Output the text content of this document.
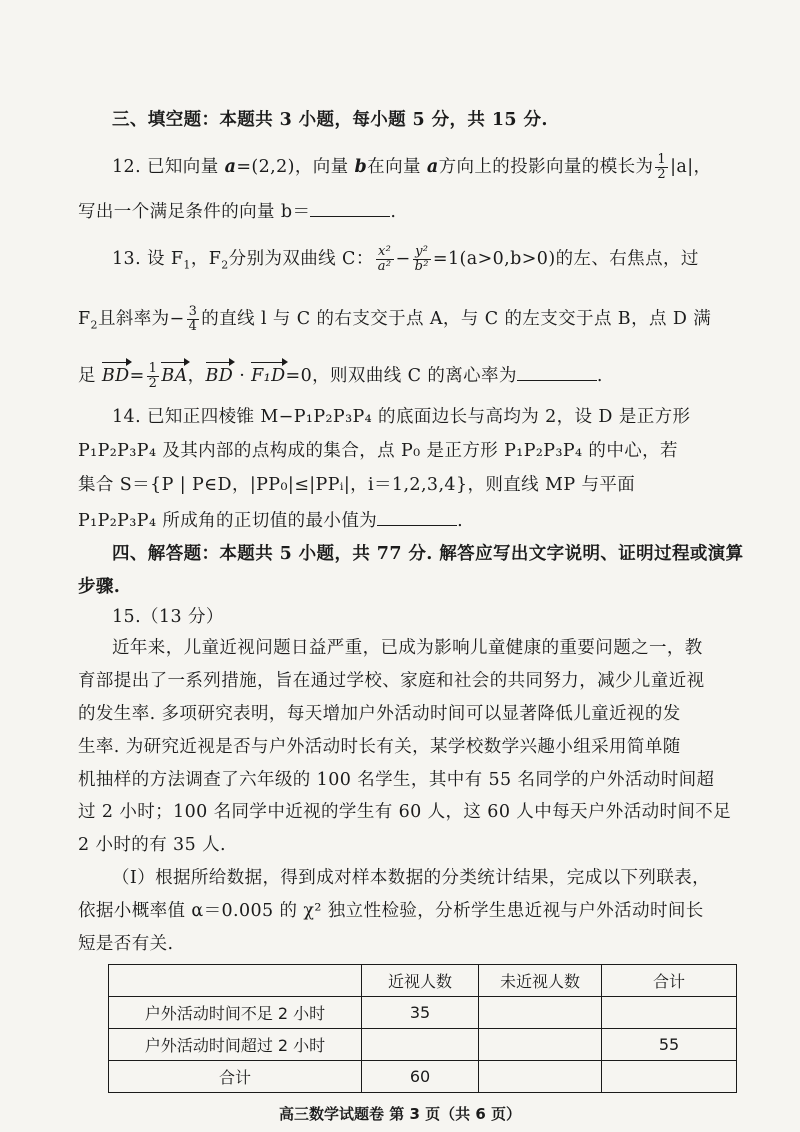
三、填空题：本题共 3 小题，每小题 5 分，共 15 分.
12. 已知向量 a=(2,2)，向量 b在向量 a方向上的投影向量的模长为 $\frac{1}{2} |a|$，
写出一个满足条件的向量 b＝	.
13. 设 $F_1$，$F_2$分别为双曲线 C： $\frac{\text{x²}}{\text{a²}} - \frac{\text{y²}}{\text{b²}} =1(a>0,b>0)$的左、右焦点，过
$F_2$且斜率为− $\frac{3}{4}$ 的直线 l 与 C 的右支交于点 A，与 C 的左支交于点 B，点 D 满
足 $BD= \frac{1}{2}$ BA，BD · F₁D=0，则双曲线 C 的离心率为	.
14. 已知正四棱锥 M−P₁P₂P₃P₄ 的底面边长与高均为 2，设 D 是正方形
P₁P₂P₃P₄ 及其内部的点构成的集合，点 P₀ 是正方形 P₁P₂P₃P₄ 的中心，若
集合 S＝{P | P∈D，|PP₀|≤|PPᵢ|，i＝1,2,3,4}，则直线 MP 与平面
P₁P₂P₃P₄ 所成角的正切值的最小值为	.
四、解答题：本题共 5 小题，共 77 分. 解答应写出文字说明、证明过程或演算
步骤.
15.（13 分）
近年来，儿童近视问题日益严重，已成为影响儿童健康的重要问题之一，教
育部提出了一系列措施，旨在通过学校、家庭和社会的共同努力，减少儿童近视
的发生率. 多项研究表明，每天增加户外活动时间可以显著降低儿童近视的发
生率. 为研究近视是否与户外活动时长有关，某学校数学兴趣小组采用简单随
机抽样的方法调查了六年级的 100 名学生，其中有 55 名同学的户外活动时间超
过 2 小时；100 名同学中近视的学生有 60 人，这 60 人中每天户外活动时间不足
2 小时的有 35 人.
（Ⅰ）根据所给数据，得到成对样本数据的分类统计结果，完成以下列联表，
依据小概率值 α＝0.005 的 χ² 独立性检验，分析学生患近视与户外活动时间长
短是否有关.
	近视人数	未近视人数	合计
户外活动时间不足 2 小时	35		
户外活动时间超过 2 小时			55
合计	60		
高三数学试题卷 第 3 页（共 6 页）
